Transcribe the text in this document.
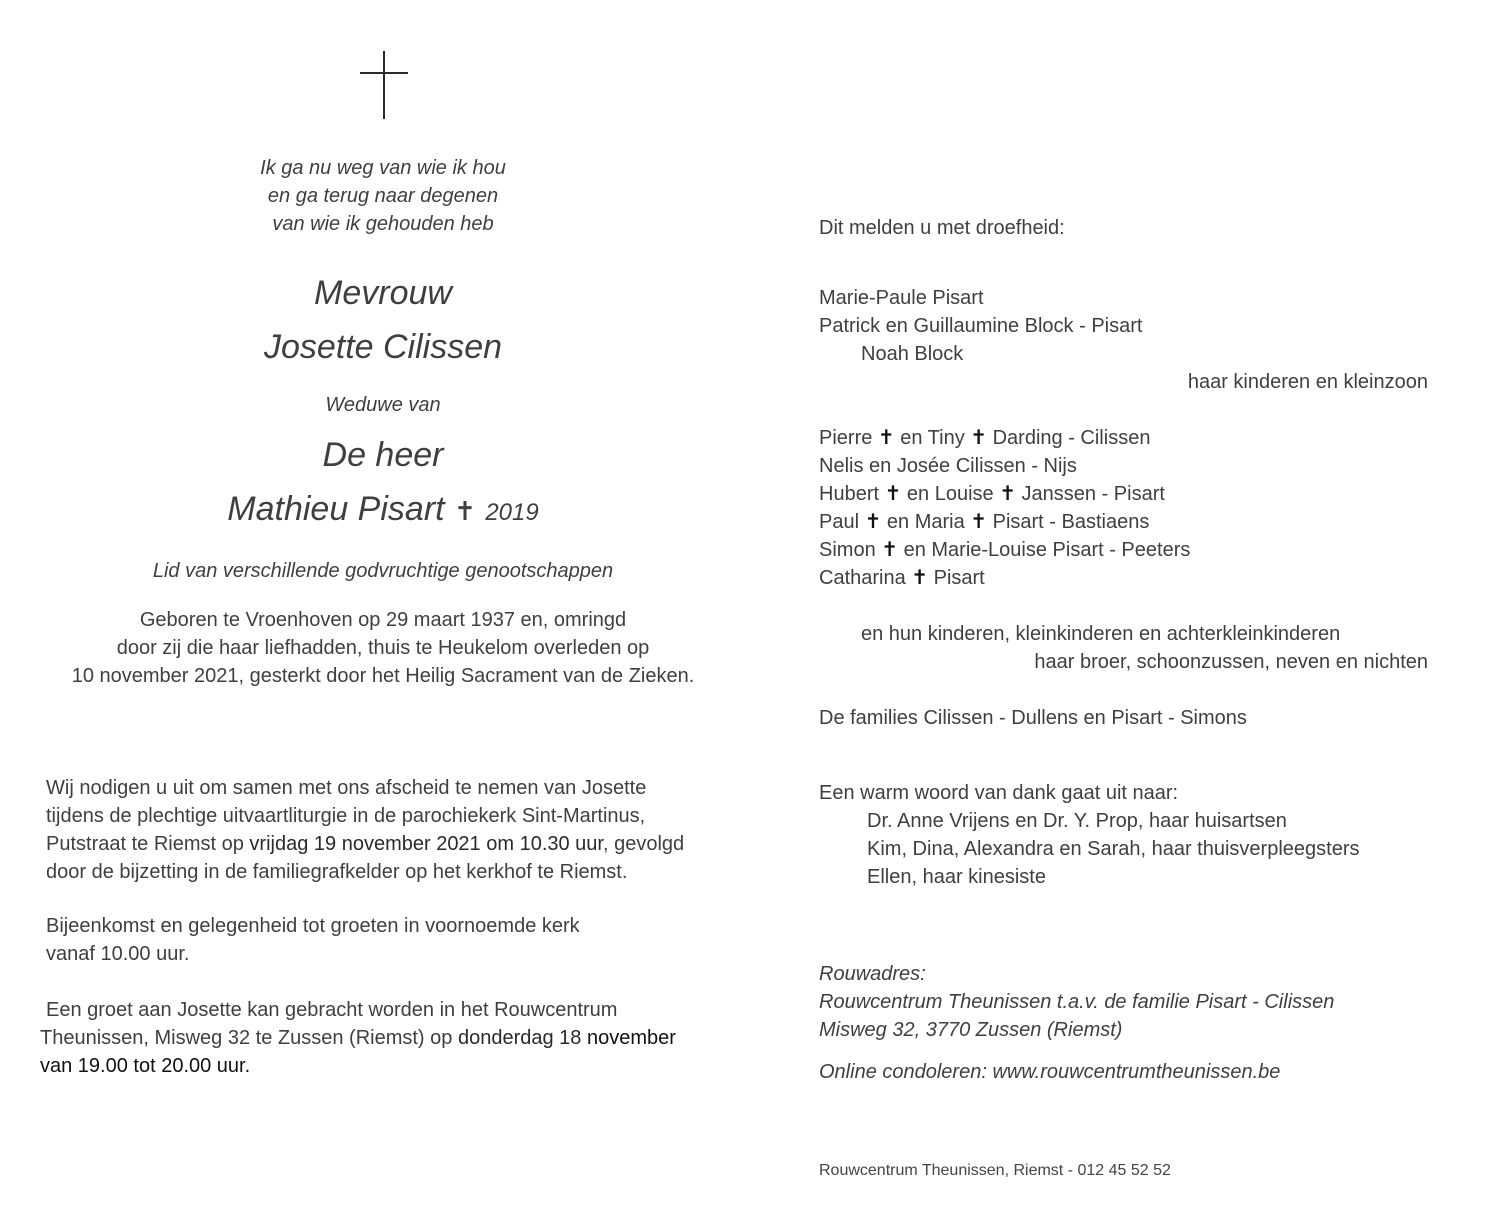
Ik ga nu weg van wie ik hou
en ga terug naar degenen
van wie ik gehouden heb
Mevrouw
Josette Cilissen
Weduwe van
De heer
Mathieu Pisart ✝ 2019
Lid van verschillende godvruchtige genootschappen
Geboren te Vroenhoven op 29 maart 1937 en, omringd
door zij die haar liefhadden, thuis te Heukelom overleden op
10 november 2021, gesterkt door het Heilig Sacrament van de Zieken.
Wij nodigen u uit om samen met ons afscheid te nemen van Josette
tijdens de plechtige uitvaartliturgie in de parochiekerk Sint-Martinus,
Putstraat te Riemst op vrijdag 19 november 2021 om 10.30 uur, gevolgd
door de bijzetting in de familiegrafkelder op het kerkhof te Riemst.
Bijeenkomst en gelegenheid tot groeten in voornoemde kerk
vanaf 10.00 uur.
Een groet aan Josette kan gebracht worden in het Rouwcentrum
Theunissen, Misweg 32 te Zussen (Riemst) op donderdag 18 november
van 19.00 tot 20.00 uur.
Dit melden u met droefheid:
Marie-Paule Pisart
Patrick en Guillaumine Block - Pisart
Noah Block
haar kinderen en kleinzoon
Pierre ✝ en Tiny ✝ Darding - Cilissen
Nelis en Josée Cilissen - Nijs
Hubert ✝ en Louise ✝ Janssen - Pisart
Paul ✝ en Maria ✝ Pisart - Bastiaens
Simon ✝ en Marie-Louise Pisart - Peeters
Catharina ✝ Pisart
en hun kinderen, kleinkinderen en achterkleinkinderen
haar broer, schoonzussen, neven en nichten
De families Cilissen - Dullens en Pisart - Simons
Een warm woord van dank gaat uit naar:
Dr. Anne Vrijens en Dr. Y. Prop, haar huisartsen
Kim, Dina, Alexandra en Sarah, haar thuisverpleegsters
Ellen, haar kinesiste
Rouwadres:
Rouwcentrum Theunissen t.a.v. de familie Pisart - Cilissen
Misweg 32, 3770 Zussen (Riemst)
Online condoleren: www.rouwcentrumtheunissen.be
Rouwcentrum Theunissen, Riemst - 012 45 52 52
